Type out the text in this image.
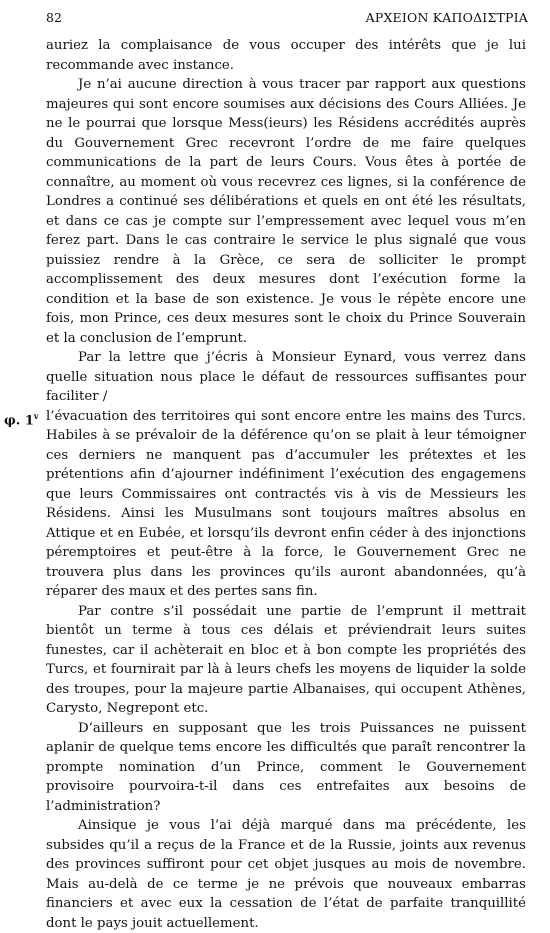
82	ΑΡΧΕΙΟΝ ΚΑΠΟΔΙΣΤΡΙΑ

auriez la complaisance de vous occuper des intérêts que je lui recommande avec instance.

Je n’ai aucune direction à vous tracer par rapport aux questions majeures qui sont encore soumises aux décisions des Cours Alliées. Je ne le pourrai que lorsque Mess(ieurs) les Résidens accrédités auprès du Gouvernement Grec recevront l’ordre de me faire quelques communications de la part de leurs Cours. Vous êtes à portée de connaître, au moment où vous recevrez ces lignes, si la conférence de Londres a continué ses délibérations et quels en ont été les résultats, et dans ce cas je compte sur l’empressement avec lequel vous m’en ferez part. Dans le cas contraire le service le plus signalé que vous puissiez rendre à la Grèce, ce sera de solliciter le prompt accomplissement des deux mesures dont l’exécution forme la condition et la base de son existence. Je vous le répète encore une fois, mon Prince, ces deux mesures sont le choix du Prince Souverain et la conclusion de l’emprunt.

Par la lettre que j’écris à Monsieur Eynard, vous verrez dans quelle situation nous place le défaut de ressources suffisantes pour faciliter /

φ. 1$^v$ l’évacuation des territoires qui sont encore entre les mains des Turcs. Habiles à se prévaloir de la déférence qu’on se plait à leur témoigner ces derniers ne manquent pas d’accumuler les prétextes et les prétentions afin d’ajourner indéfiniment l’exécution des engagemens que leurs Commissaires ont contractés vis à vis de Messieurs les Résidens. Ainsi les Musulmans sont toujours maîtres absolus en Attique et en Eubée, et lorsqu’ils devront enfin céder à des injonctions péremptoires et peut-être à la force, le Gouvernement Grec ne trouvera plus dans les provinces qu’ils auront abandonnées, qu’à réparer des maux et des pertes sans fin.

Par contre s’il possédait une partie de l’emprunt il mettrait bientôt un terme à tous ces délais et préviendrait leurs suites funestes, car il achèterait en bloc et à bon compte les propriétés des Turcs, et fournirait par là à leurs chefs les moyens de liquider la solde des troupes, pour la majeure partie Albanaises, qui occupent Athènes, Carysto, Negrepont etc.

D’ailleurs en supposant que les trois Puissances ne puissent aplanir de quelque tems encore les difficultés que paraît rencontrer la prompte nomination d’un Prince, comment le Gouvernement provisoire pourvoira-t-il dans ces entrefaites aux besoins de l’administration?

Ainsique je vous l’ai déjà marqué dans ma précédente, les subsides qu’il a reçus de la France et de la Russie, joints aux revenus des provinces suffiront pour cet objet jusques au mois de novembre. Mais au-delà de ce terme je ne prévois que nouveaux embarras financiers et avec eux la cessation de l’état de parfaite tranquillité dont le pays jouit actuellement.
